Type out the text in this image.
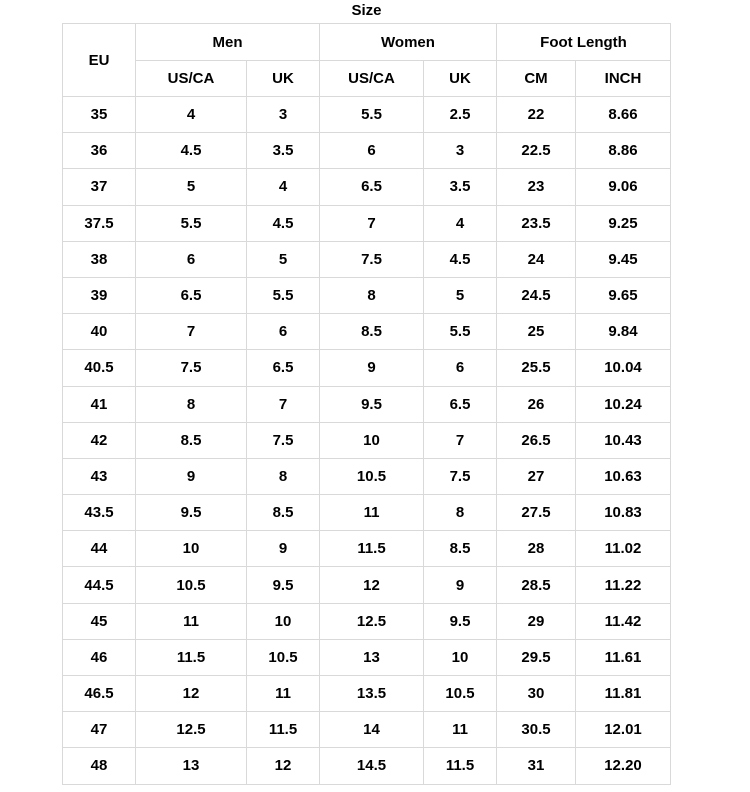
Size
EU	Men		Women		Foot Length	
	US/CA	UK	US/CA	UK	CM	INCH
35	4	3	5.5	2.5	22	8.66
36	4.5	3.5	6	3	22.5	8.86
37	5	4	6.5	3.5	23	9.06
37.5	5.5	4.5	7	4	23.5	9.25
38	6	5	7.5	4.5	24	9.45
39	6.5	5.5	8	5	24.5	9.65
40	7	6	8.5	5.5	25	9.84
40.5	7.5	6.5	9	6	25.5	10.04
41	8	7	9.5	6.5	26	10.24
42	8.5	7.5	10	7	26.5	10.43
43	9	8	10.5	7.5	27	10.63
43.5	9.5	8.5	11	8	27.5	10.83
44	10	9	11.5	8.5	28	11.02
44.5	10.5	9.5	12	9	28.5	11.22
45	11	10	12.5	9.5	29	11.42
46	11.5	10.5	13	10	29.5	11.61
46.5	12	11	13.5	10.5	30	11.81
47	12.5	11.5	14	11	30.5	12.01
48	13	12	14.5	11.5	31	12.20
